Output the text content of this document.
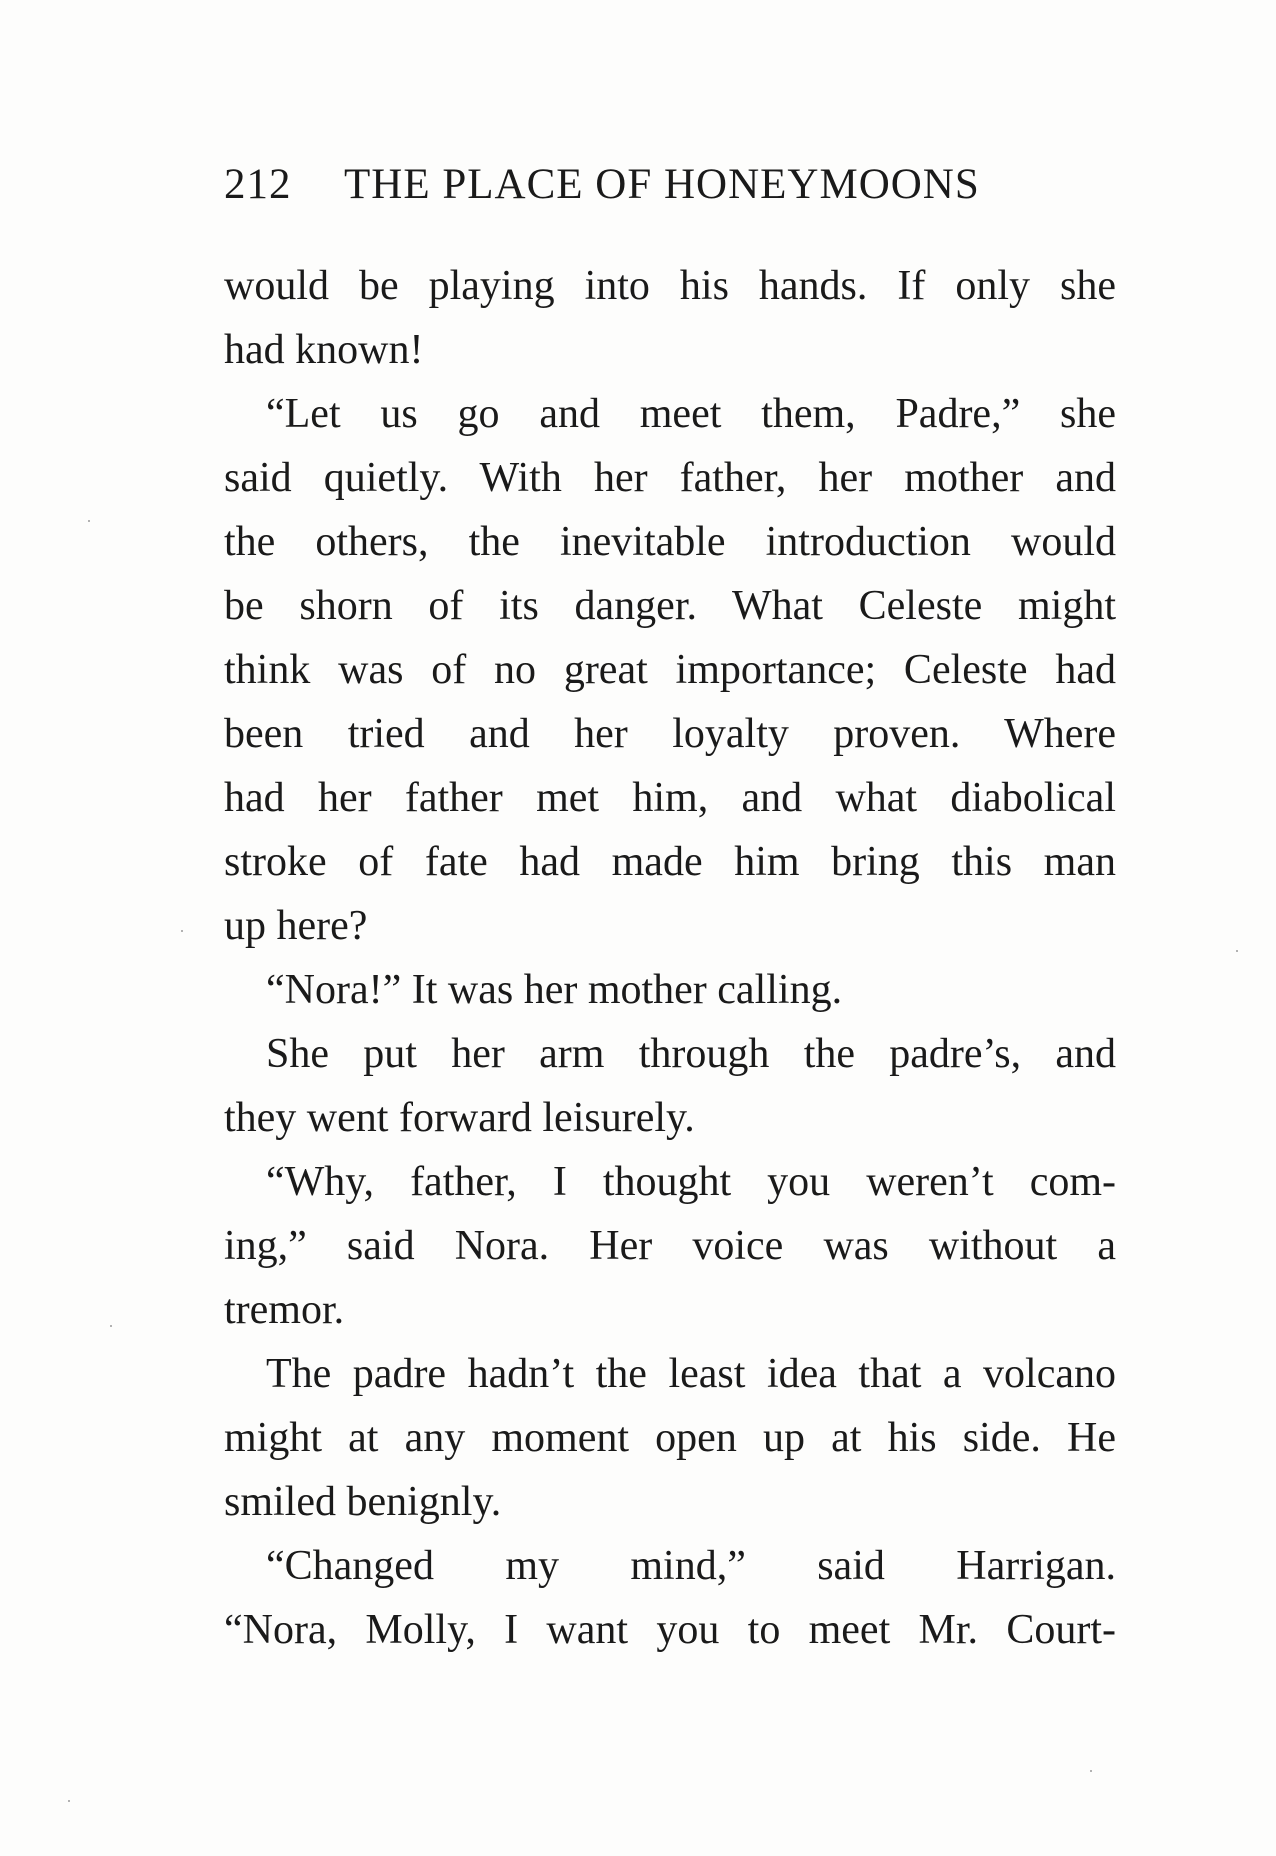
212 THE PLACE OF HONEYMOONS
would be playing into his hands. If only she
had known!
“Let us go and meet them, Padre,” she
said quietly. With her father, her mother and
the others, the inevitable introduction would
be shorn of its danger. What Celeste might
think was of no great importance; Celeste had
been tried and her loyalty proven. Where
had her father met him, and what diabolical
stroke of fate had made him bring this man
up here?
“Nora!” It was her mother calling.
She put her arm through the padre’s, and
they went forward leisurely.
“Why, father, I thought you weren’t com-
ing,” said Nora. Her voice was without a
tremor.
The padre hadn’t the least idea that a volcano
might at any moment open up at his side. He
smiled benignly.
“Changed my mind,” said Harrigan.
“Nora, Molly, I want you to meet Mr. Court-
